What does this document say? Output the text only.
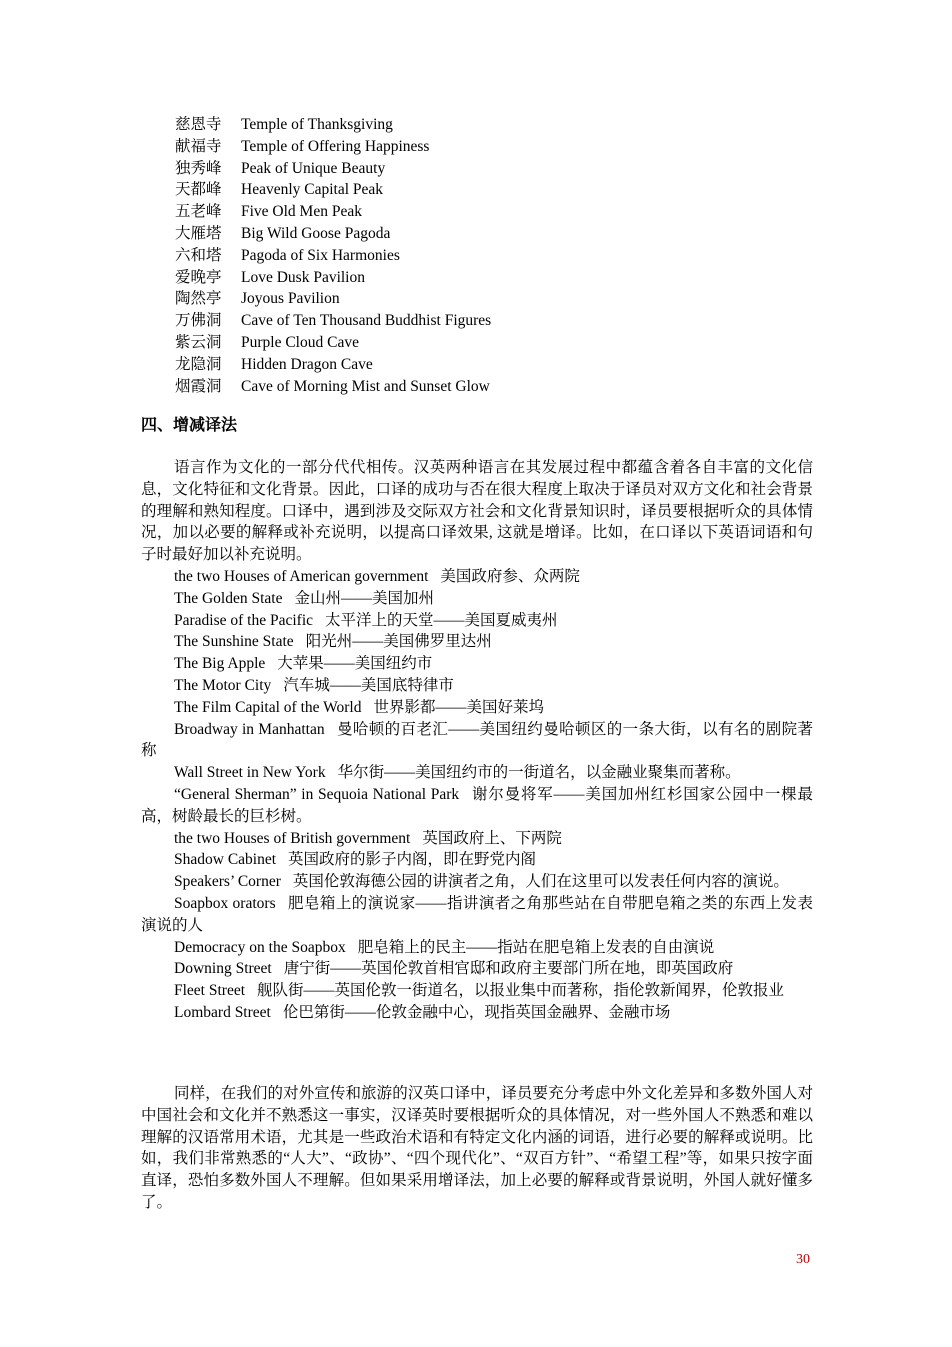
慈恩寺 Temple of Thanksgiving
献福寺 Temple of Offering Happiness
独秀峰 Peak of Unique Beauty
天都峰 Heavenly Capital Peak
五老峰 Five Old Men Peak
大雁塔 Big Wild Goose Pagoda
六和塔 Pagoda of Six Harmonies
爱晚亭 Love Dusk Pavilion
陶然亭 Joyous Pavilion
万佛洞 Cave of Ten Thousand Buddhist Figures
紫云洞 Purple Cloud Cave
龙隐洞 Hidden Dragon Cave
烟霞洞 Cave of Morning Mist and Sunset Glow
四、增减译法
语言作为文化的一部分代代相传。汉英两种语言在其发展过程中都蕴含着各自丰富的文化信息，文化特征和文化背景。因此，口译的成功与否在很大程度上取决于译员对双方文化和社会背景的理解和熟知程度。口译中，遇到涉及交际双方社会和文化背景知识时，译员要根据听众的具体情况，加以必要的解释或补充说明，以提高口译效果, 这就是增译。比如，在口译以下英语词语和句子时最好加以补充说明。
the two Houses of American government 美国政府参、众两院
The Golden State 金山州——美国加州
Paradise of the Pacific 太平洋上的天堂——美国夏威夷州
The Sunshine State 阳光州——美国佛罗里达州
The Big Apple 大苹果——美国纽约市
The Motor City 汽车城——美国底特律市
The Film Capital of the World 世界影都——美国好莱坞
Broadway in Manhattan 曼哈顿的百老汇——美国纽约曼哈顿区的一条大街，以有名的剧院著称
Wall Street in New York 华尔街——美国纽约市的一街道名，以金融业聚集而著称。
“General Sherman” in Sequoia National Park 谢尔曼将军——美国加州红杉国家公园中一棵最高，树龄最长的巨杉树。
the two Houses of British government 英国政府上、下两院
Shadow Cabinet 英国政府的影子内阁，即在野党内阁
Speakers’ Corner 英国伦敦海德公园的讲演者之角，人们在这里可以发表任何内容的演说。
Soapbox orators 肥皂箱上的演说家——指讲演者之角那些站在自带肥皂箱之类的东西上发表演说的人
Democracy on the Soapbox 肥皂箱上的民主——指站在肥皂箱上发表的自由演说
Downing Street 唐宁街——英国伦敦首相官邸和政府主要部门所在地，即英国政府
Fleet Street 舰队街——英国伦敦一街道名，以报业集中而著称，指伦敦新闻界，伦敦报业
Lombard Street 伦巴第街——伦敦金融中心，现指英国金融界、金融市场
同样，在我们的对外宣传和旅游的汉英口译中，译员要充分考虑中外文化差异和多数外国人对中国社会和文化并不熟悉这一事实，汉译英时要根据听众的具体情况，对一些外国人不熟悉和难以理解的汉语常用术语，尤其是一些政治术语和有特定文化内涵的词语，进行必要的解释或说明。比如，我们非常熟悉的“人大”、“政协”、“四个现代化”、“双百方针”、“希望工程”等，如果只按字面直译，恐怕多数外国人不理解。但如果采用增译法，加上必要的解释或背景说明，外国人就好懂多了。
30
